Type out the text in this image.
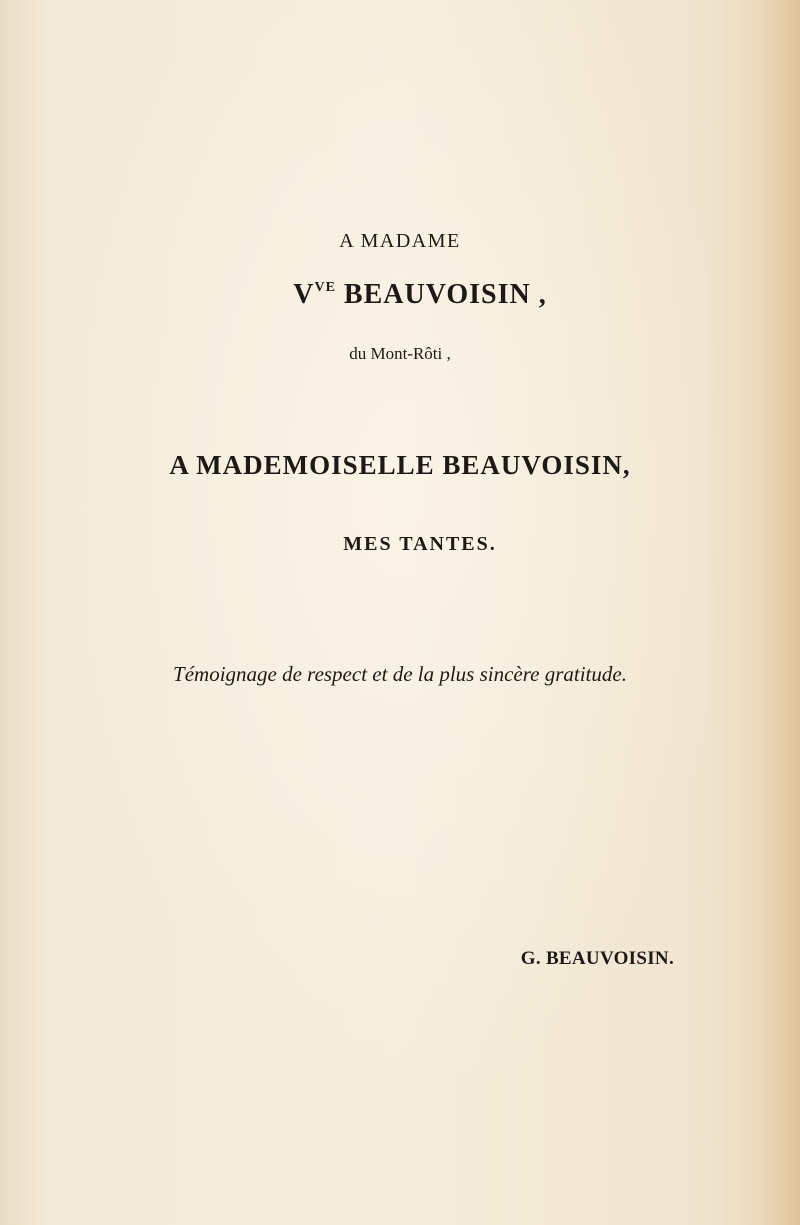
A MADAME
$V^{VE}$ BEAUVOISIN ,
du Mont-Rôti ,
A MADEMOISELLE BEAUVOISIN,
MES TANTES.
Témoignage de respect et de la plus sincère gratitude.
G. BEAUVOISIN.
